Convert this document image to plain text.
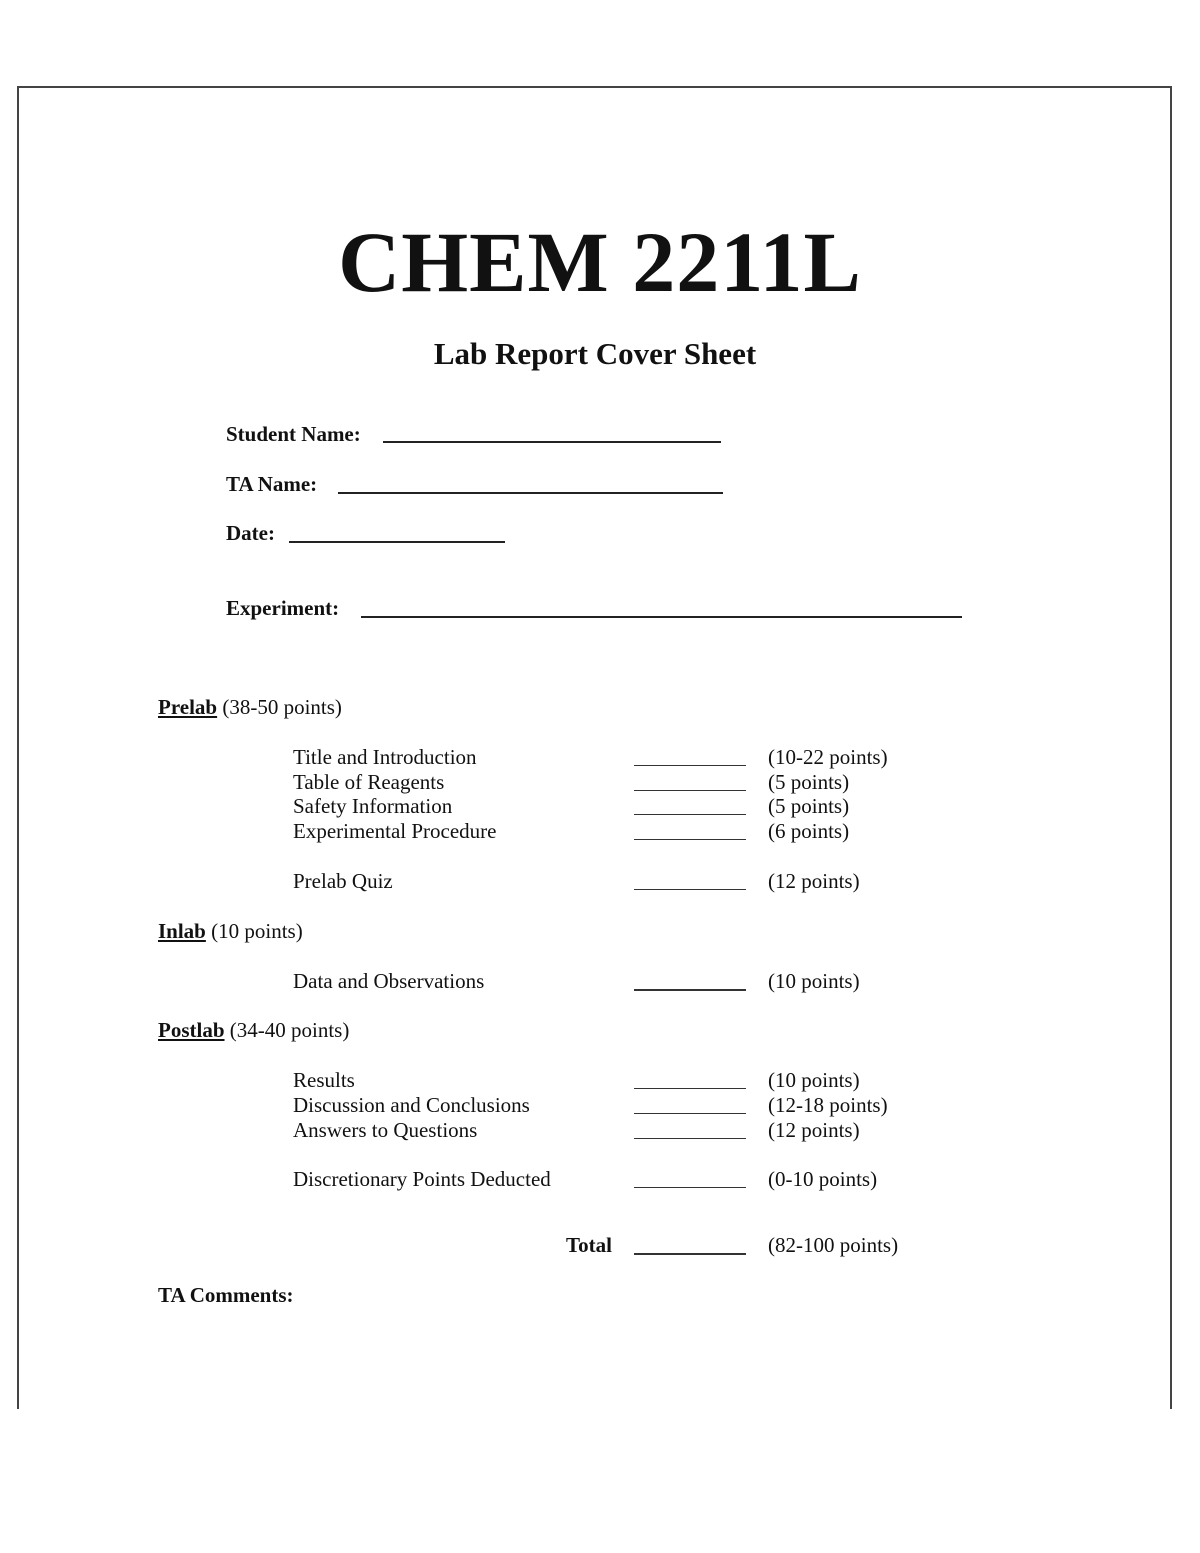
CHEM 2211L
Lab Report Cover Sheet
Student Name:
TA Name:
Date:
Experiment:
Prelab (38-50 points)
Title and Introduction	(10-22 points)
Table of Reagents	(5 points)
Safety Information	(5 points)
Experimental Procedure	(6 points)
Prelab Quiz	(12 points)
Inlab (10 points)
Data and Observations	(10 points)
Postlab (34-40 points)
Results	(10 points)
Discussion and Conclusions	(12-18 points)
Answers to Questions	(12 points)
Discretionary Points Deducted	(0-10 points)
Total	(82-100 points)
TA Comments:
